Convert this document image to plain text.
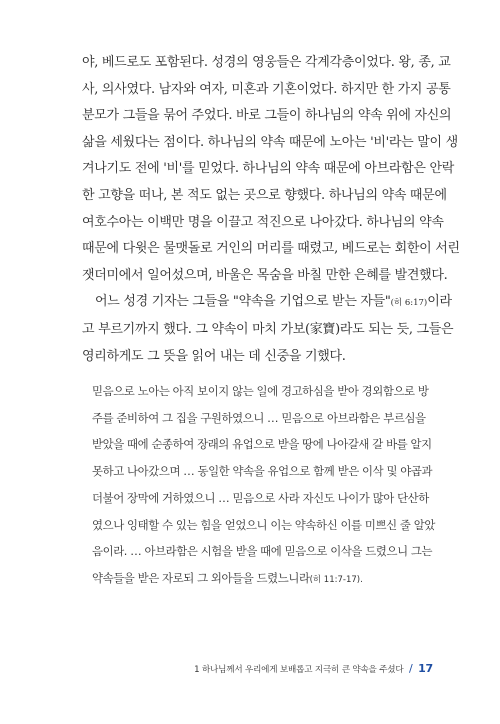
야, 베드로도 포함된다. 성경의 영웅들은 각계각층이었다. 왕, 종, 교
사, 의사였다. 남자와 여자, 미혼과 기혼이었다. 하지만 한 가지 공통
분모가 그들을 묶어 주었다. 바로 그들이 하나님의 약속 위에 자신의
삶을 세웠다는 점이다. 하나님의 약속 때문에 노아는 '비'라는 말이 생
겨나기도 전에 '비'를 믿었다. 하나님의 약속 때문에 아브라함은 안락
한 고향을 떠나, 본 적도 없는 곳으로 향했다. 하나님의 약속 때문에
여호수아는 이백만 명을 이끌고 적진으로 나아갔다. 하나님의 약속
때문에 다윗은 물맷돌로 거인의 머리를 때렸고, 베드로는 회한이 서린
잿더미에서 일어섰으며, 바울은 목숨을 바칠 만한 은혜를 발견했다.
어느 성경 기자는 그들을 "약속을 기업으로 받는 자들"(히 6:17)이라
고 부르기까지 했다. 그 약속이 마치 가보(家寶)라도 되는 듯, 그들은
영리하게도 그 뜻을 읽어 내는 데 신중을 기했다.
믿음으로 노아는 아직 보이지 않는 일에 경고하심을 받아 경외함으로 방
주를 준비하여 그 집을 구원하였으니 … 믿음으로 아브라함은 부르심을
받았을 때에 순종하여 장래의 유업으로 받을 땅에 나아갈새 갈 바를 알지
못하고 나아갔으며 … 동일한 약속을 유업으로 함께 받은 이삭 및 야곱과
더불어 장막에 거하였으니 … 믿음으로 사라 자신도 나이가 많아 단산하
였으나 잉태할 수 있는 힘을 얻었으니 이는 약속하신 이를 미쁘신 줄 알았
음이라. … 아브라함은 시험을 받을 때에 믿음으로 이삭을 드렸으니 그는
약속들을 받은 자로되 그 외아들을 드렸느니라(히 11:7-17).
1 하나님께서 우리에게 보배롭고 지극히 큰 약속을 주셨다 / 17
